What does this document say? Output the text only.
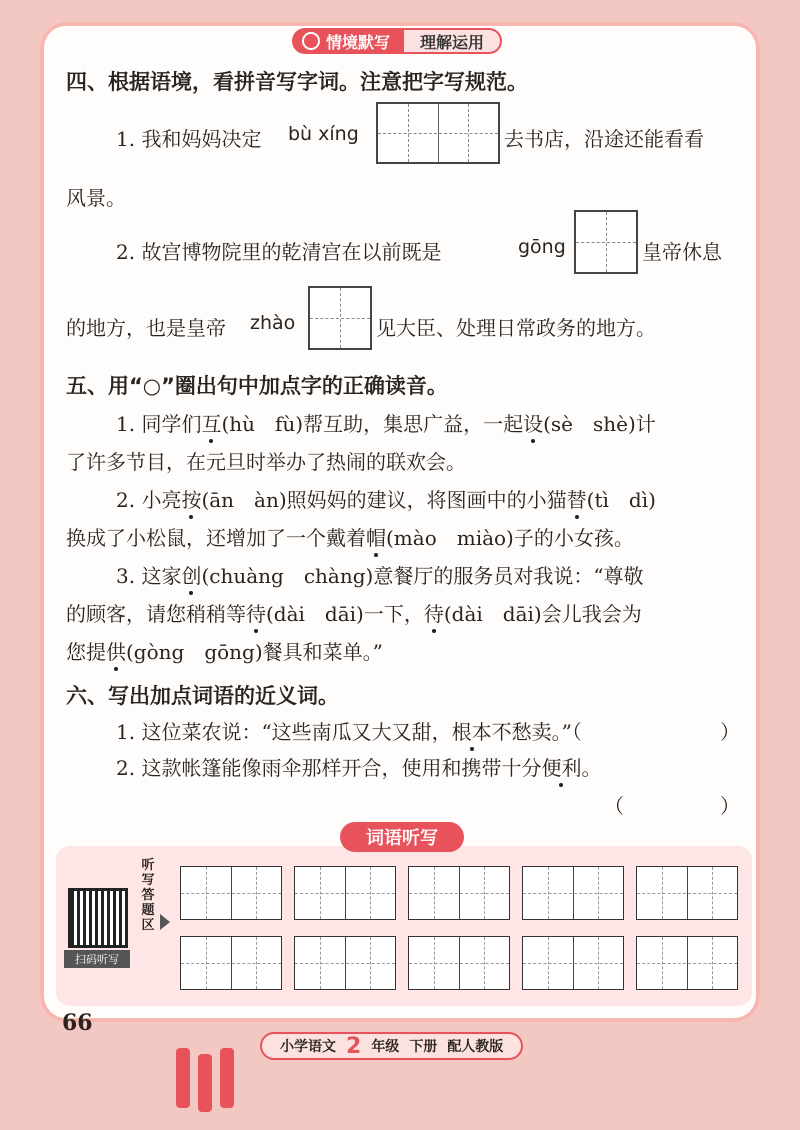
情境默写 理解运用
四、根据语境，看拼音写字词。注意把字写规范。
1. 我和妈妈决定 bù xíng	去书店，沿途还能看看
风景。
2. 故宫博物院里的乾清宫在以前既是	gōng	皇帝休息
的地方，也是皇帝 zhào	见大臣、处理日常政务的地方。
五、用“○”圈出句中加点字的正确读音。
1. 同学们互(hù　fù)帮互助，集思广益，一起设(sè　shè)计
了许多节目，在元旦时举办了热闹的联欢会。
2. 小亮按(ān　àn)照妈妈的建议，将图画中的小猫替(tì　dì)
换成了小松鼠，还增加了一个戴着帽(mào　miào)子的小女孩。
3. 这家创(chuàng　chàng)意餐厅的服务员对我说：“尊敬
的顾客，请您稍稍等待(dài　dāi)一下，待(dài　dāi)会儿我会为
您提供(gòng　gōng)餐具和菜单。”
六、写出加点词语的近义词。
1. 这位菜农说：“这些南瓜又大又甜，根本不愁卖。”（	）
2. 这款帐篷能像雨伞那样开合，使用和携带十分便利。
（	）
扫码听写
听写答题区
词语听写
66
小学语文 2 年级 下册 配人教版
